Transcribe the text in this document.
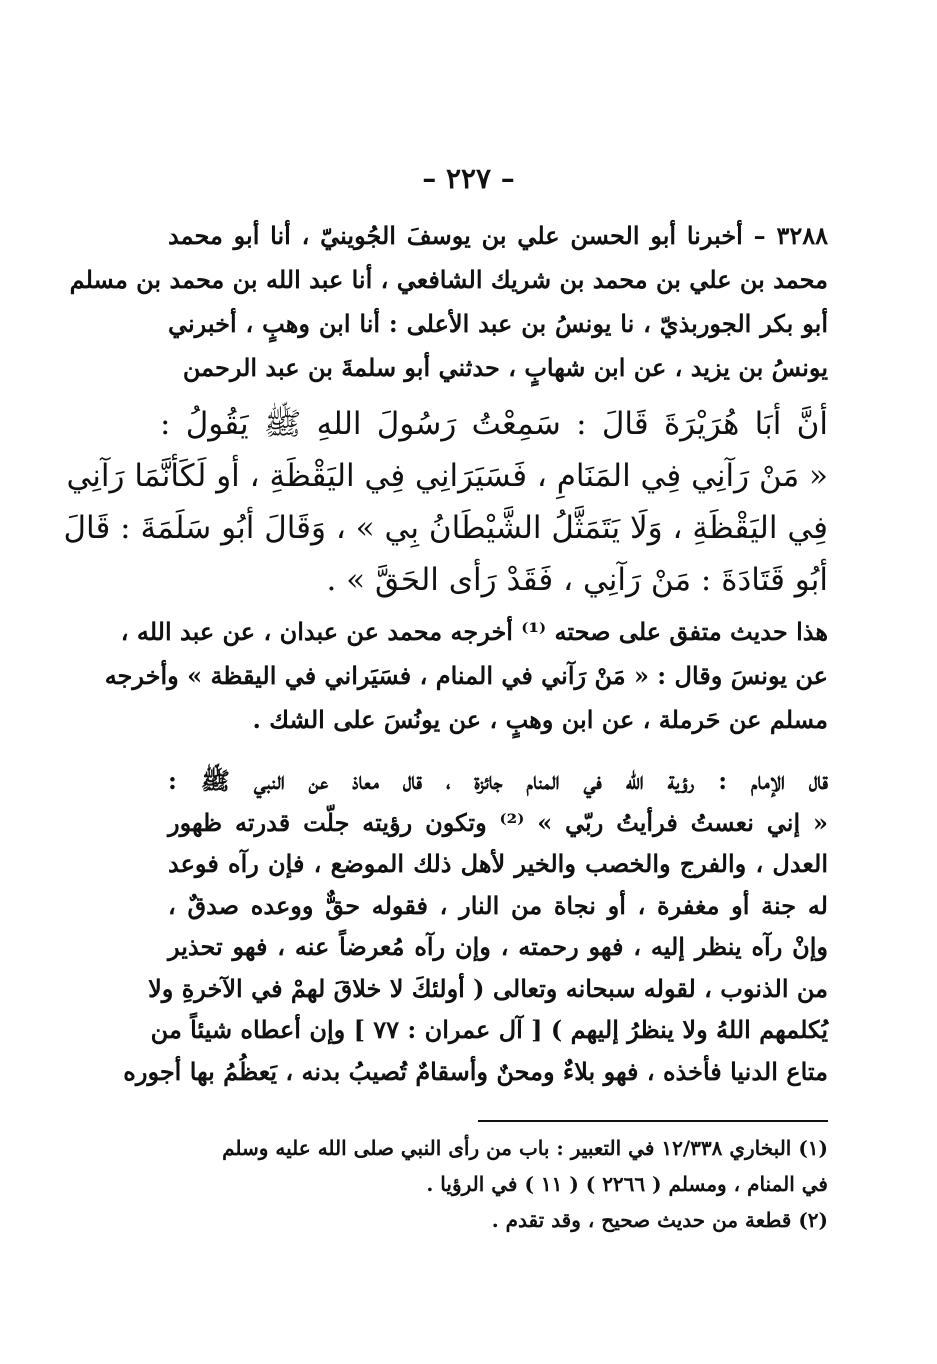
– ٢٢٧ –
٣٢٨٨ – أخبرنا أبو الحسن علي بن يوسفَ الجُوينيّ ، أنا أبو محمد
محمد بن علي بن محمد بن شريك الشافعي ، أنا عبد الله بن محمد بن مسلم
أبو بكر الجوربذيّ ، نا يونسُ بن عبد الأعلى : أنا ابن وهبٍ ، أخبرني
يونسُ بن يزيد ، عن ابن شهابٍ ، حدثني أبو سلمةَ بن عبد الرحمن
أنَّ أبَا هُرَيْرَةَ قَالَ : سَمِعْتُ رَسُولَ اللهِ ﷺ يَقُولُ :
« مَنْ رَآنِي فِي المَنَامِ ، فَسَيَرَانِي فِي اليَقْظَةِ ، أو لَكَأنَّمَا رَآنِي
فِي اليَقْظَةِ ، وَلَا يَتَمَثَّلُ الشَّيْطَانُ بِي » ، وَقَالَ أبُو سَلَمَةَ : قَالَ
أبُو قَتَادَةَ : مَنْ رَآنِي ، فَقَدْ رَأى الحَقَّ » .
هذا حديث متفق على صحته ⁽¹⁾ أخرجه محمد عن عبدان ، عن عبد الله ،
عن يونسَ وقال : « مَنْ رَآني في المنام ، فسَيَراني في اليقظة » وأخرجه
مسلم عن حَرملة ، عن ابن وهبٍ ، عن يونُسَ على الشك .
قال الإمام : رؤية الله في المنام جائزة ، قال معاذ عن النبي ﷺ :
« إني نعستُ فرأيتُ ربّي » ⁽²⁾ وتكون رؤيته جلّت قدرته ظهور
العدل ، والفرج والخصب والخير لأهل ذلك الموضع ، فإن رآه فوعد
له جنة أو مغفرة ، أو نجاة من النار ، فقوله حقٌّ ووعده صدقٌ ،
وإنْ رآه ينظر إليه ، فهو رحمته ، وإن رآه مُعرضاً عنه ، فهو تحذير
من الذنوب ، لقوله سبحانه وتعالى ( أولئكَ لا خلاقَ لهمْ في الآخرةِ ولا
يُكلمهم اللهُ ولا ينظرُ إليهم ) [ آل عمران : ٧٧ ] وإن أعطاه شيئاً من
متاع الدنيا فأخذه ، فهو بلاءٌ ومحنٌ وأسقامٌ تُصيبُ بدنه ، يَعظُمُ بها أجوره
(١) البخاري ١٢/٣٣٨ في التعبير : باب من رأى النبي صلى الله عليه وسلم
في المنام ، ومسلم ( ٢٢٦٦ ) ( ١١ ) في الرؤيا .
(٢) قطعة من حديث صحيح ، وقد تقدم .
